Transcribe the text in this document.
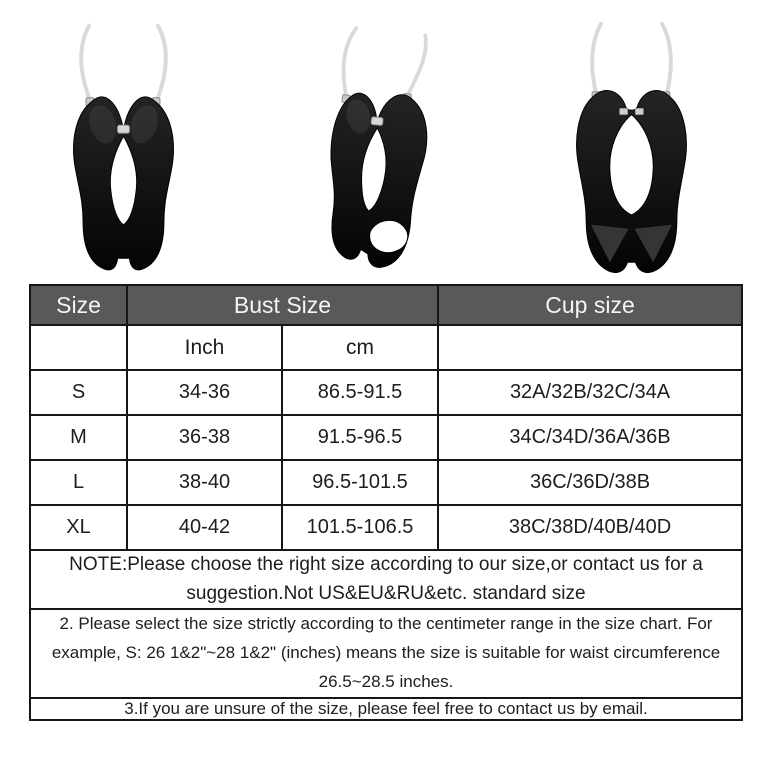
Size	Bust Size		Cup size
	Inch	cm	
S	34-36	86.5-91.5	32A/32B/32C/34A
M	36-38	91.5-96.5	34C/34D/36A/36B
L	38-40	96.5-101.5	36C/36D/38B
XL	40-42	101.5-106.5	38C/38D/40B/40D
NOTE:Please choose the right size according to our size,or contact us for a suggestion.Not US&EU&RU&etc. standard size			
2. Please select the size strictly according to the centimeter range in the size chart. For example, S: 26 1&2"~28 1&2" (inches) means the size is suitable for waist circumference 26.5~28.5 inches.			
3.If you are unsure of the size, please feel free to contact us by email.			
